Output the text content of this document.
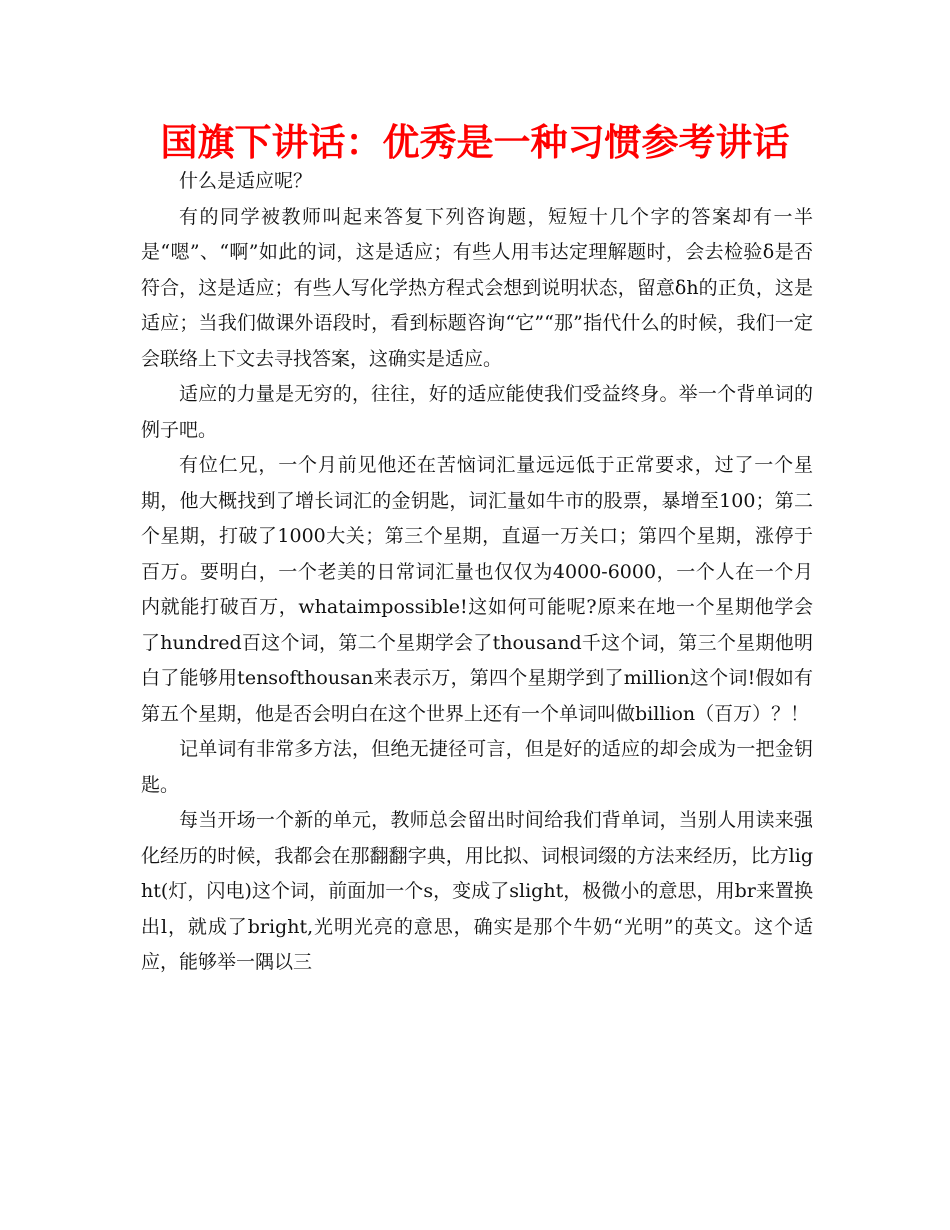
国旗下讲话：优秀是一种习惯参考讲话

什么是适应呢？

有的同学被教师叫起来答复下列咨询题，短短十几个字的答案却有一半是“嗯”、“啊”如此的词，这是适应；有些人用韦达定理解题时，会去检验δ是否符合，这是适应；有些人写化学热方程式会想到说明状态，留意δh的正负，这是适应；当我们做课外语段时，看到标题咨询“它”“那”指代什么的时候，我们一定会联络上下文去寻找答案，这确实是适应。

适应的力量是无穷的，往往，好的适应能使我们受益终身。举一个背单词的例子吧。

有位仁兄，一个月前见他还在苦恼词汇量远远低于正常要求，过了一个星期，他大概找到了增长词汇的金钥匙，词汇量如牛市的股票，暴增至100；第二个星期，打破了1000大关；第三个星期，直逼一万关口；第四个星期，涨停于百万。要明白，一个老美的日常词汇量也仅仅为4000-6000，一个人在一个月内就能打破百万，whataimpossible!这如何可能呢?原来在地一个星期他学会了hundred百这个词，第二个星期学会了thousand千这个词，第三个星期他明白了能够用tensofthousan来表示万，第四个星期学到了million这个词!假如有第五个星期，他是否会明白在这个世界上还有一个单词叫做billion（百万）？！

记单词有非常多方法，但绝无捷径可言，但是好的适应的却会成为一把金钥匙。

每当开场一个新的单元，教师总会留出时间给我们背单词，当别人用读来强化经历的时候，我都会在那翻翻字典，用比拟、词根词缀的方法来经历，比方light(灯，闪电)这个词，前面加一个s，变成了slight，极微小的意思，用br来置换出l，就成了bright,光明光亮的意思，确实是那个牛奶“光明”的英文。这个适应，能够举一隅以三
